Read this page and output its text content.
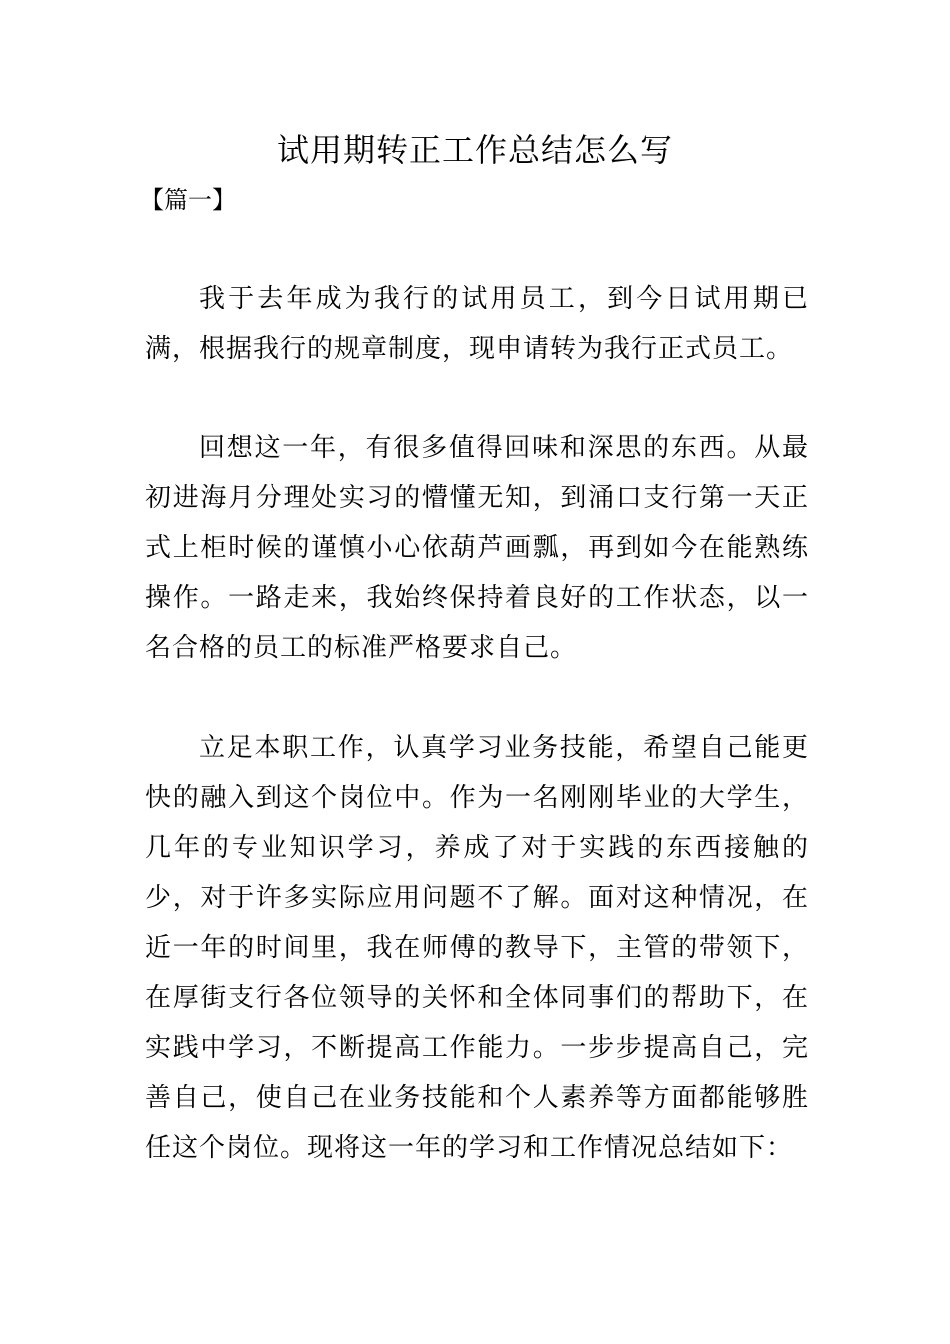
试用期转正工作总结怎么写
【篇一】

我于去年成为我行的试用员工，到今日试用期已满，根据我行的规章制度，现申请转为我行正式员工。

回想这一年，有很多值得回味和深思的东西。从最初进海月分理处实习的懵懂无知，到涌口支行第一天正式上柜时候的谨慎小心依葫芦画瓢，再到如今在能熟练操作。一路走来，我始终保持着良好的工作状态，以一名合格的员工的标准严格要求自己。

立足本职工作，认真学习业务技能，希望自己能更快的融入到这个岗位中。作为一名刚刚毕业的大学生，几年的专业知识学习，养成了对于实践的东西接触的少，对于许多实际应用问题不了解。面对这种情况，在近一年的时间里，我在师傅的教导下，主管的带领下，在厚街支行各位领导的关怀和全体同事们的帮助下，在实践中学习，不断提高工作能力。一步步提高自己，完善自己，使自己在业务技能和个人素养等方面都能够胜任这个岗位。现将这一年的学习和工作情况总结如下：
